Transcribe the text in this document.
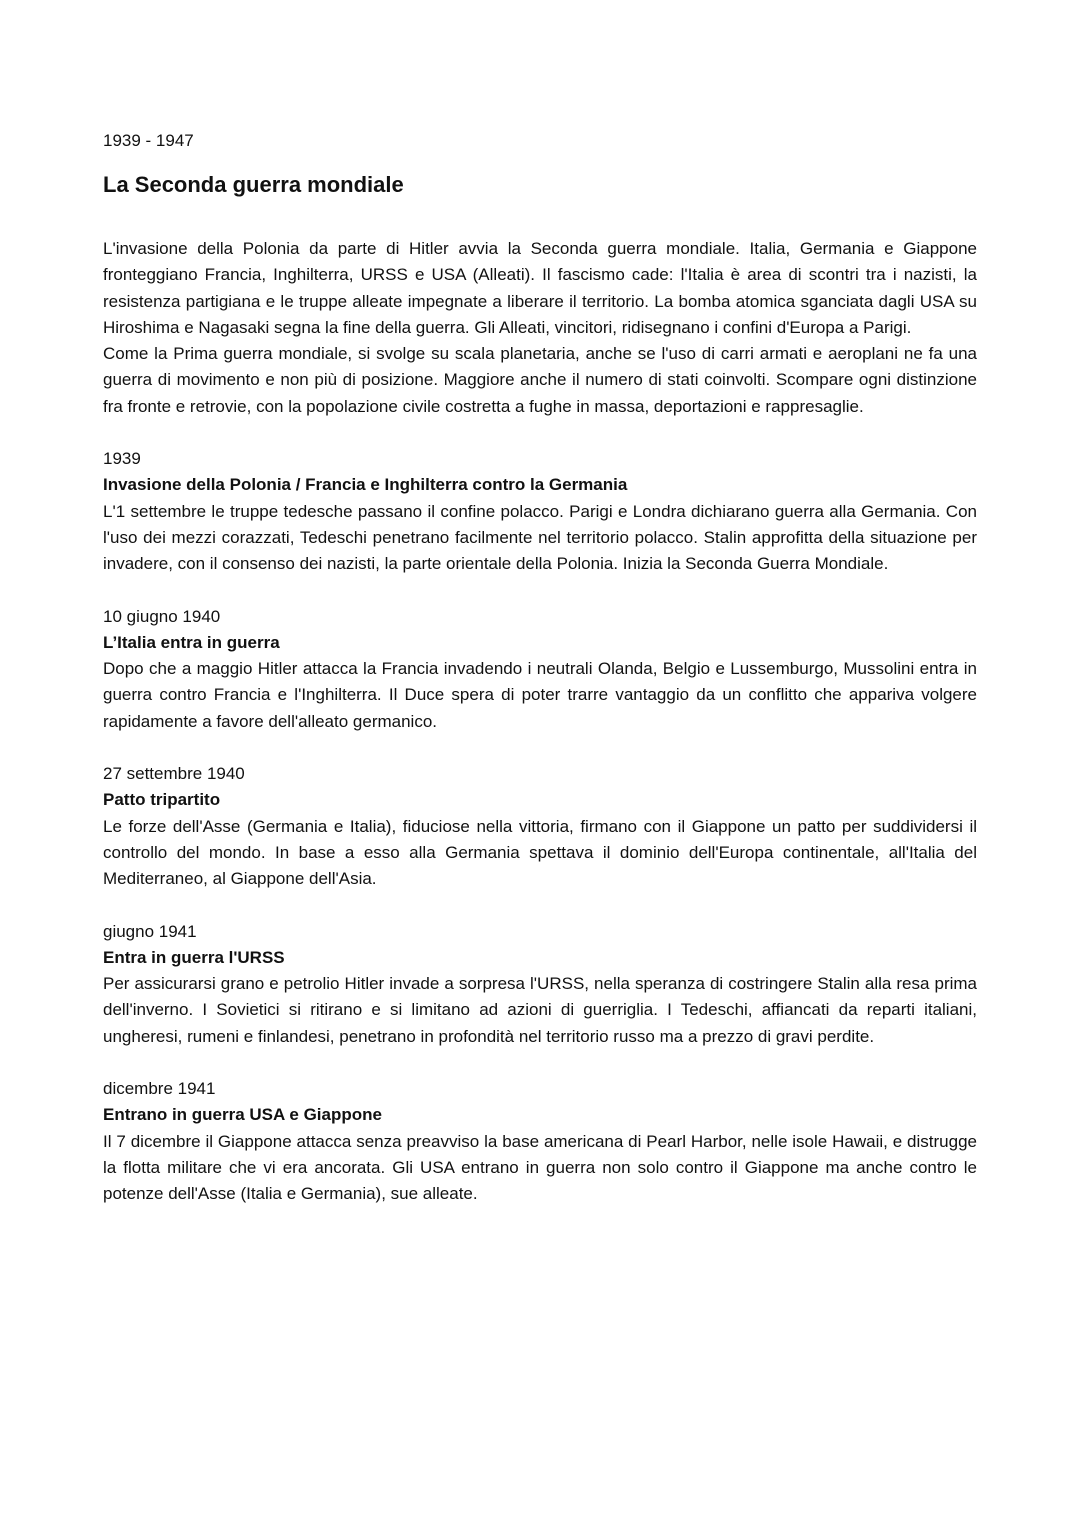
1939 - 1947

La Seconda guerra mondiale

L'invasione della Polonia da parte di Hitler avvia la Seconda guerra mondiale. Italia, Germania e Giappone fronteggiano Francia, Inghilterra, URSS e USA (Alleati). Il fascismo cade: l'Italia è area di scontri tra i nazisti, la resistenza partigiana e le truppe alleate impegnate a liberare il territorio. La bomba atomica sganciata dagli USA su Hiroshima e Nagasaki segna la fine della guerra. Gli Alleati, vincitori, ridisegnano i confini d'Europa a Parigi.

Come la Prima guerra mondiale, si svolge su scala planetaria, anche se l'uso di carri armati e aeroplani ne fa una guerra di movimento e non più di posizione. Maggiore anche il numero di stati coinvolti. Scompare ogni distinzione fra fronte e retrovie, con la popolazione civile costretta a fughe in massa, deportazioni e rappresaglie.

1939

Invasione della Polonia / Francia e Inghilterra contro la Germania

L'1 settembre le truppe tedesche passano il confine polacco. Parigi e Londra dichiarano guerra alla Germania. Con l'uso dei mezzi corazzati, Tedeschi penetrano facilmente nel territorio polacco. Stalin approfitta della situazione per invadere, con il consenso dei nazisti, la parte orientale della Polonia. Inizia la Seconda Guerra Mondiale.

10 giugno 1940

L’Italia entra in guerra

Dopo che a maggio Hitler attacca la Francia invadendo i neutrali Olanda, Belgio e Lussemburgo, Mussolini entra in guerra contro Francia e l'Inghilterra. Il Duce spera di poter trarre vantaggio da un conflitto che appariva volgere rapidamente a favore dell'alleato germanico.

27 settembre 1940

Patto tripartito

Le forze dell'Asse (Germania e Italia), fiduciose nella vittoria, firmano con il Giappone un patto per suddividersi il controllo del mondo. In base a esso alla Germania spettava il dominio dell'Europa continentale, all'Italia del Mediterraneo, al Giappone dell'Asia.

giugno 1941

Entra in guerra l'URSS

Per assicurarsi grano e petrolio Hitler invade a sorpresa l'URSS, nella speranza di costringere Stalin alla resa prima dell'inverno. I Sovietici si ritirano e si limitano ad azioni di guerriglia. I Tedeschi, affiancati da reparti italiani, ungheresi, rumeni e finlandesi, penetrano in profondità nel territorio russo ma a prezzo di gravi perdite.

dicembre 1941

Entrano in guerra USA e Giappone

Il 7 dicembre il Giappone attacca senza preavviso la base americana di Pearl Harbor, nelle isole Hawaii, e distrugge la flotta militare che vi era ancorata. Gli USA entrano in guerra non solo contro il Giappone ma anche contro le potenze dell'Asse (Italia e Germania), sue alleate.
